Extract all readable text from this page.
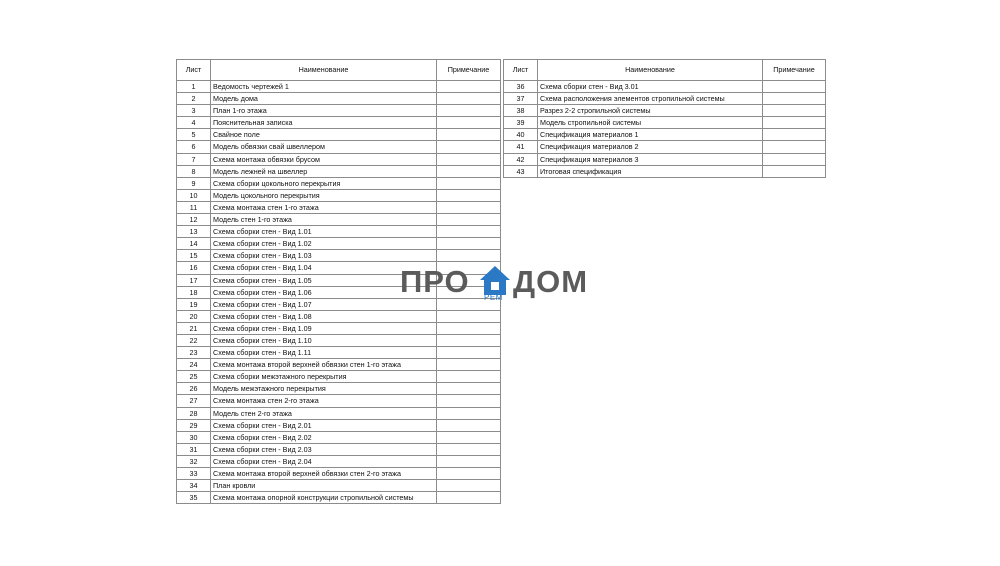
Лист	Наименование	Примечание
1	Ведомость чертежей 1	
2	Модель дома	
3	План 1-го этажа	
4	Пояснительная записка	
5	Свайное поле	
6	Модель обвязки свай швеллером	
7	Схема монтажа обвязки брусом	
8	Модель лежней на швеллер	
9	Схема сборки цокольного перекрытия	
10	Модель цокольного перекрытия	
11	Схема монтажа стен 1-го этажа	
12	Модель стен 1-го этажа	
13	Схема сборки стен - Вид 1.01	
14	Схема сборки стен - Вид 1.02	
15	Схема сборки стен - Вид 1.03	
16	Схема сборки стен - Вид 1.04	
17	Схема сборки стен - Вид 1.05	
18	Схема сборки стен - Вид 1.06	
19	Схема сборки стен - Вид 1.07	
20	Схема сборки стен - Вид 1.08	
21	Схема сборки стен - Вид 1.09	
22	Схема сборки стен - Вид 1.10	
23	Схема сборки стен - Вид 1.11	
24	Схема монтажа второй верхней обвязки стен 1-го этажа	
25	Схема сборки межэтажного перекрытия	
26	Модель межэтажного перекрытия	
27	Схема монтажа стен 2-го этажа	
28	Модель стен 2-го этажа	
29	Схема сборки стен - Вид 2.01	
30	Схема сборки стен - Вид 2.02	
31	Схема сборки стен - Вид 2.03	
32	Схема сборки стен - Вид 2.04	
33	Схема монтажа второй верхней обвязки стен 2-го этажа	
34	План кровли	
35	Схема монтажа опорной конструкции стропильной системы	
Лист	Наименование	Примечание
36	Схема сборки стен - Вид 3.01	
37	Схема расположения элементов стропильной системы	
38	Разрез 2-2 стропильной системы	
39	Модель стропильной системы	
40	Спецификация материалов 1	
41	Спецификация материалов 2	
42	Спецификация материалов 3	
43	Итоговая спецификация	
ПРО РЕМ ДОМ
